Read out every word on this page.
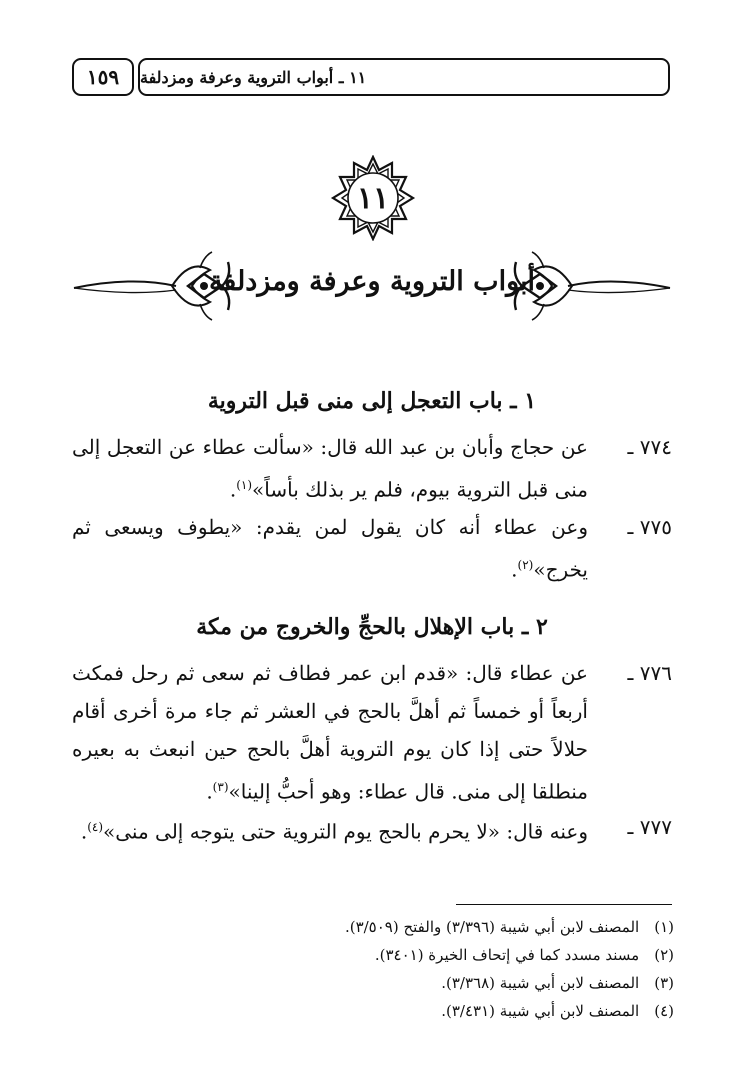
١٥٩	١١ ـ أبواب التروية وعرفة ومزدلفة
١١
أبواب التروية وعرفة ومزدلفة
١ ـ باب التعجل إلى منى قبل التروية
٧٧٤ ـ
عن حجاج وأبان بن عبد الله قال: «سألت عطاء عن التعجل إلى منى قبل التروية بيوم، فلم ير بذلك بأساً»$^{(١)}$.
٧٧٥ ـ
وعن عطاء أنه كان يقول لمن يقدم: «يطوف ويسعى ثم يخرج»$^{(٢)}$.
٢ ـ باب الإهلال بالحجِّ والخروج من مكة
٧٧٦ ـ
عن عطاء قال: «قدم ابن عمر فطاف ثم سعى ثم رحل فمكث أربعاً أو خمساً ثم أهلَّ بالحج في العشر ثم جاء مرة أخرى أقام حلالاً حتى إذا كان يوم التروية أهلَّ بالحج حين انبعث به بعيره منطلقا إلى منى. قال عطاء: وهو أحبُّ إلينا»$^{(٣)}$.
٧٧٧ ـ
وعنه قال: «لا يحرم بالحج يوم التروية حتى يتوجه إلى منى»$^{(٤)}$.
(١) المصنف لابن أبي شيبة (٣/٣٩٦) والفتح (٣/٥٠٩).
(٢) مسند مسدد كما في إتحاف الخيرة (٣٤٠١).
(٣) المصنف لابن أبي شيبة (٣/٣٦٨).
(٤) المصنف لابن أبي شيبة (٣/٤٣١).
